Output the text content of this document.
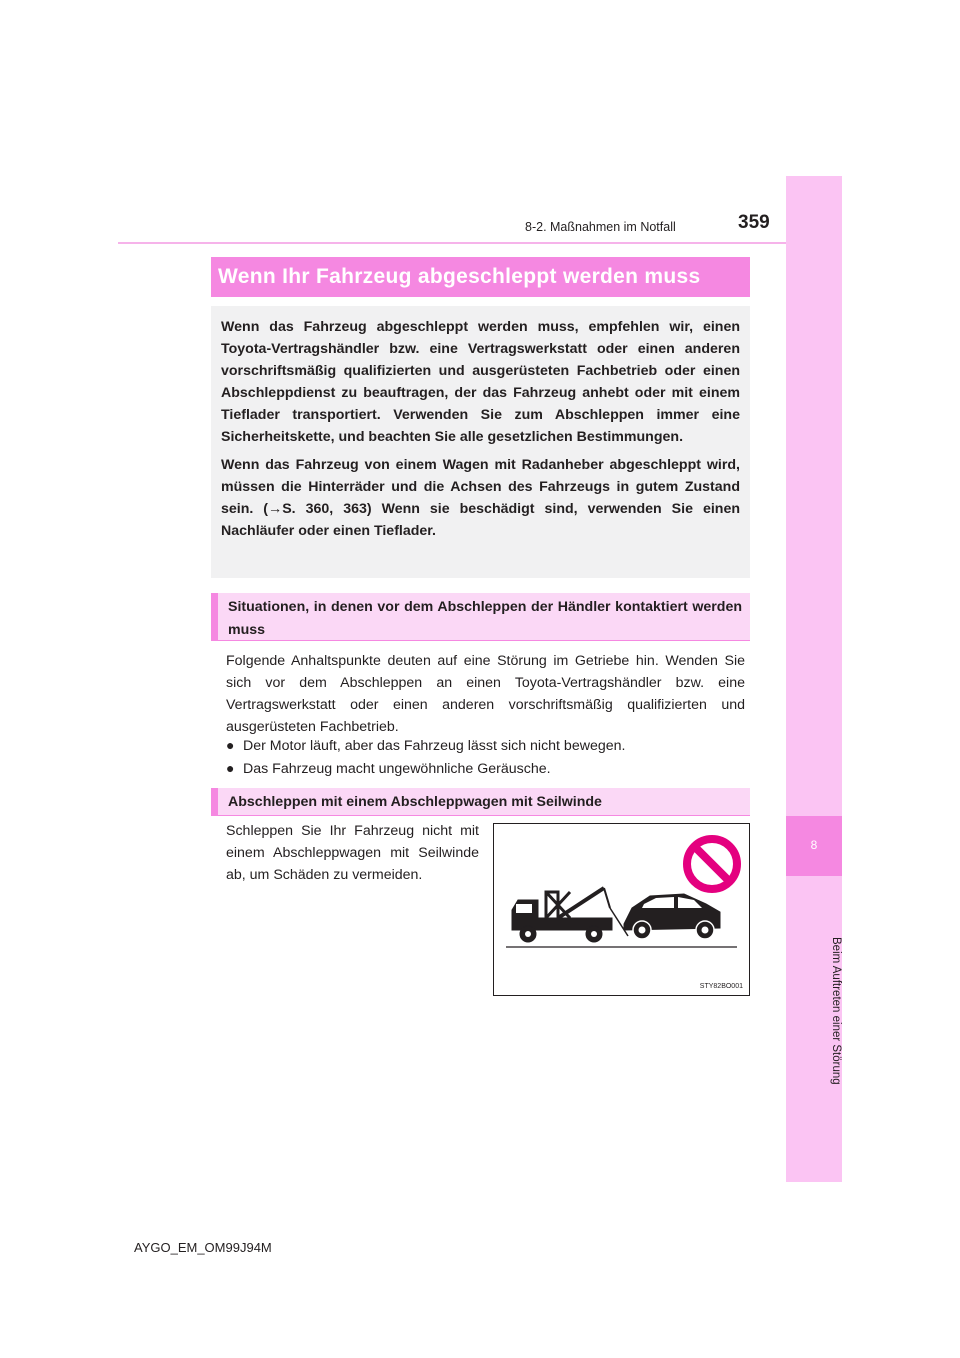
8
Beim Auftreten einer Störung
8-2. Maßnahmen im Notfall	359
Wenn Ihr Fahrzeug abgeschleppt werden muss

Wenn das Fahrzeug abgeschleppt werden muss, empfehlen wir, einen Toyota-Vertragshändler bzw. eine Vertragswerkstatt oder einen anderen vorschriftsmäßig qualifizierten und ausgerüsteten Fachbetrieb oder einen Abschleppdienst zu beauftragen, der das Fahrzeug anhebt oder mit einem Tieflader transportiert. Verwenden Sie zum Abschleppen immer eine Sicherheitskette, und beachten Sie alle gesetzlichen Bestimmungen.

Wenn das Fahrzeug von einem Wagen mit Radanheber abgeschleppt wird, müssen die Hinterräder und die Achsen des Fahrzeugs in gutem Zustand sein. (→S. 360, 363) Wenn sie beschädigt sind, verwenden Sie einen Nachläufer oder einen Tieflader.

Situationen, in denen vor dem Abschleppen der Händler kontaktiert werden muss
Folgende Anhaltspunkte deuten auf eine Störung im Getriebe hin. Wenden Sie sich vor dem Abschleppen an einen Toyota-Vertragshändler bzw. eine Vertragswerkstatt oder einen anderen vorschriftsmäßig qualifizierten und ausgerüsteten Fachbetrieb.
● Der Motor läuft, aber das Fahrzeug lässt sich nicht bewegen.
● Das Fahrzeug macht ungewöhnliche Geräusche.
Abschleppen mit einem Abschleppwagen mit Seilwinde
Schleppen Sie Ihr Fahrzeug nicht mit einem Abschleppwagen mit Seilwinde ab, um Schäden zu vermeiden.
STY82BO001
AYGO_EM_OM99J94M
